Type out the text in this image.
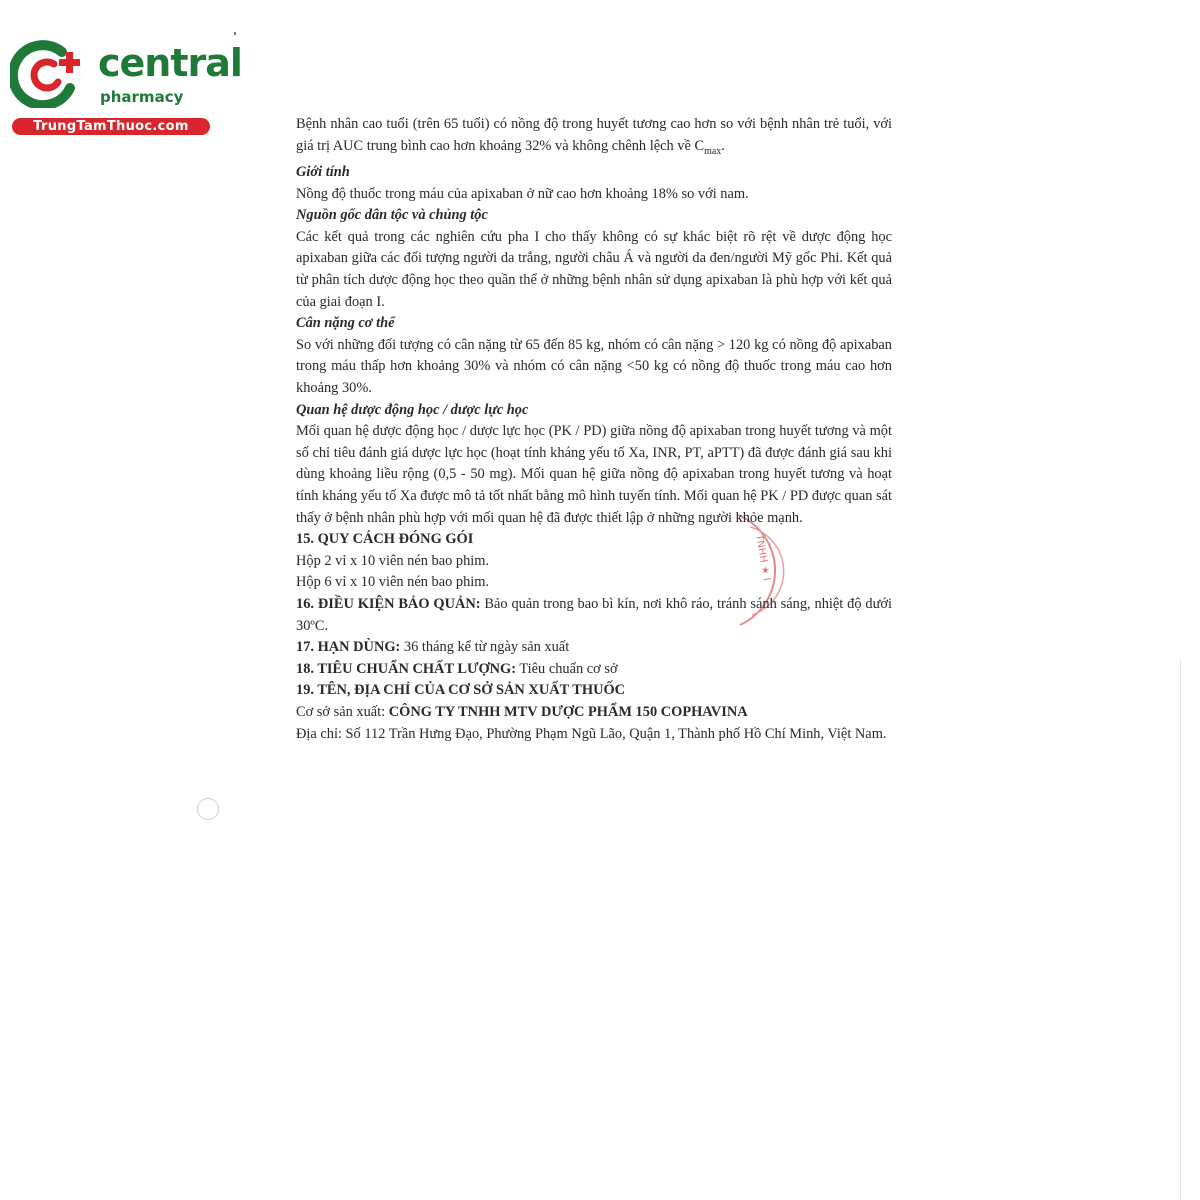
central
pharmacy
TrungTamThuoc.com
TNHH ★ I

Bệnh nhân cao tuổi (trên 65 tuổi) có nồng độ trong huyết tương cao hơn so với bệnh nhân trẻ tuổi, với giá trị AUC trung bình cao hơn khoảng 32% và không chênh lệch về $C_{max}$.

Giới tính

Nồng độ thuốc trong máu của apixaban ở nữ cao hơn khoảng 18% so với nam.

Nguồn gốc dân tộc và chủng tộc

Các kết quả trong các nghiên cứu pha I cho thấy không có sự khác biệt rõ rệt về dược động học apixaban giữa các đối tượng người da trắng, người châu Á và người da đen/người Mỹ gốc Phi. Kết quả từ phân tích dược động học theo quần thể ở những bệnh nhân sử dụng apixaban là phù hợp với kết quả của giai đoạn I.

Cân nặng cơ thể

So với những đối tượng có cân nặng từ 65 đến 85 kg, nhóm có cân nặng > 120 kg có nồng độ apixaban trong máu thấp hơn khoảng 30% và nhóm có cân nặng <50 kg có nồng độ thuốc trong máu cao hơn khoảng 30%.

Quan hệ dược động học / dược lực học

Mối quan hệ dược động học / dược lực học (PK / PD) giữa nồng độ apixaban trong huyết tương và một số chỉ tiêu đánh giá dược lực học (hoạt tính kháng yếu tố Xa, INR, PT, aPTT) đã được đánh giá sau khi dùng khoảng liều rộng (0,5 - 50 mg). Mối quan hệ giữa nồng độ apixaban trong huyết tương và hoạt tính kháng yếu tố Xa được mô tả tốt nhất bằng mô hình tuyến tính. Mối quan hệ PK / PD được quan sát thấy ở bệnh nhân phù hợp với mối quan hệ đã được thiết lập ở những người khỏe mạnh.

15. QUY CÁCH ĐÓNG GÓI

Hộp 2 vỉ x 10 viên nén bao phim.

Hộp 6 vỉ x 10 viên nén bao phim.

16. ĐIỀU KIỆN BẢO QUẢN: Bảo quản trong bao bì kín, nơi khô ráo, tránh sánh sáng, nhiệt độ dưới 30ºC.

17. HẠN DÙNG: 36 tháng kể từ ngày sản xuất

18. TIÊU CHUẨN CHẤT LƯỢNG: Tiêu chuẩn cơ sở

19. TÊN, ĐỊA CHỈ CỦA CƠ SỞ SẢN XUẤT THUỐC

Cơ sở sản xuất: CÔNG TY TNHH MTV DƯỢC PHẨM 150 COPHAVINA

Địa chỉ: Số 112 Trần Hưng Đạo, Phường Phạm Ngũ Lão, Quận 1, Thành phố Hồ Chí Minh, Việt Nam.
